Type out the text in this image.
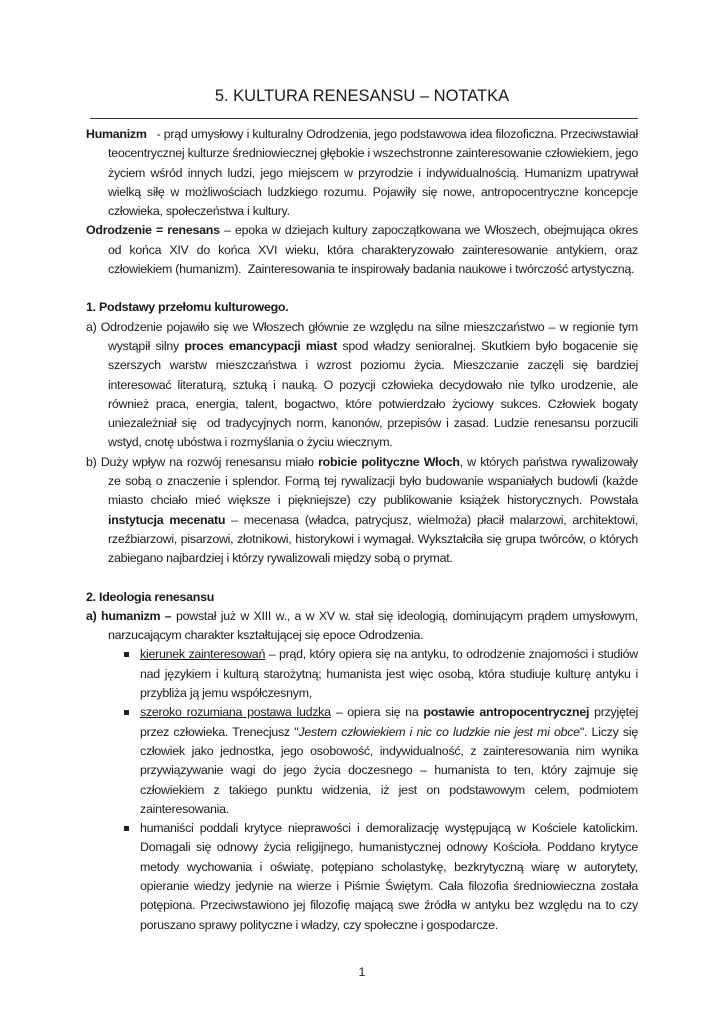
5. KULTURA RENESANSU – NOTATKA

Humanizm   - prąd umysłowy i kulturalny Odrodzenia, jego podstawowa idea filozoficzna. Przeciwstawiał teocentrycznej kulturze średniowiecznej głębokie i wszechstronne zainteresowanie człowiekiem, jego życiem wśród innych ludzi, jego miejscem w przyrodzie i indywidualnością. Humanizm upatrywał wielką siłę w możliwościach ludzkiego rozumu. Pojawiły się nowe, antropocentryczne koncepcje człowieka, społeczeństwa i kultury.

Odrodzenie = renesans – epoka w dziejach kultury zapoczątkowana we Włoszech, obejmująca okres od końca XIV do końca XVI wieku, która charakteryzowało zainteresowanie antykiem, oraz człowiekiem (humanizm).  Zainteresowania te inspirowały badania naukowe i twórczość artystyczną.

1. Podstawy przełomu kulturowego.

a) Odrodzenie pojawiło się we Włoszech głównie ze względu na silne mieszczaństwo – w regionie tym wystąpił silny proces emancypacji miast spod władzy senioralnej. Skutkiem było bogacenie się szerszych warstw mieszczaństwa i wzrost poziomu życia. Mieszczanie zaczęli się bardziej interesować literaturą, sztuką i nauką. O pozycji człowieka decydowało nie tylko urodzenie, ale również praca, energia, talent, bogactwo, które potwierdzało życiowy sukces. Człowiek bogaty uniezależniał się  od tradycyjnych norm, kanonów, przepisów i zasad. Ludzie renesansu porzucili wstyd, cnotę ubóstwa i rozmyślania o życiu wiecznym.

b) Duży wpływ na rozwój renesansu miało robicie polityczne Włoch, w których państwa rywalizowały ze sobą o znaczenie i splendor. Formą tej rywalizacji było budowanie wspaniałych budowli (każde miasto chciało mieć większe i piękniejsze) czy publikowanie książek historycznych. Powstała instytucja mecenatu – mecenasa (władca, patrycjusz, wielmoża) płacił malarzowi, architektowi, rzeźbiarzowi, pisarzowi, złotnikowi, historykowi i wymagał. Wykształciła się grupa twórców, o których zabiegano najbardziej i którzy rywalizowali między sobą o prymat.

2. Ideologia renesansu

a) humanizm – powstał już w XIII w., a w XV w. stał się ideologią, dominującym prądem umysłowym, narzucającym charakter kształtującej się epoce Odrodzenia.

kierunek zainteresowań – prąd, który opiera się na antyku, to odrodzenie znajomości i studiów nad językiem i kulturą starożytną; humanista jest więc osobą, która studiuje kulturę antyku i przybliża ją jemu współczesnym,
szeroko rozumiana postawa ludzka – opiera się na postawie antropocentrycznej przyjętej przez człowieka. Trenecjusz "Jestem człowiekiem i nic co ludzkie nie jest mi obce". Liczy się człowiek jako jednostka, jego osobowość, indywidualność, z zainteresowania nim wynika przywiązywanie wagi do jego życia doczesnego – humanista to ten, który zajmuje się człowiekiem z takiego punktu widzenia, iż jest on podstawowym celem, podmiotem zainteresowania.
humaniści poddali krytyce nieprawości i demoralizację występującą w Kościele katolickim. Domagali się odnowy życia religijnego, humanistycznej odnowy Kościoła. Poddano krytyce metody wychowania i oświatę, potępiano scholastykę, bezkrytyczną wiarę w autorytety, opieranie wiedzy jedynie na wierze i Piśmie Świętym. Cała filozofia średniowieczna została potępiona. Przeciwstawiono jej filozofię mającą swe źródła w antyku bez względu na to czy poruszano sprawy polityczne i władzy, czy społeczne i gospodarcze.
1
